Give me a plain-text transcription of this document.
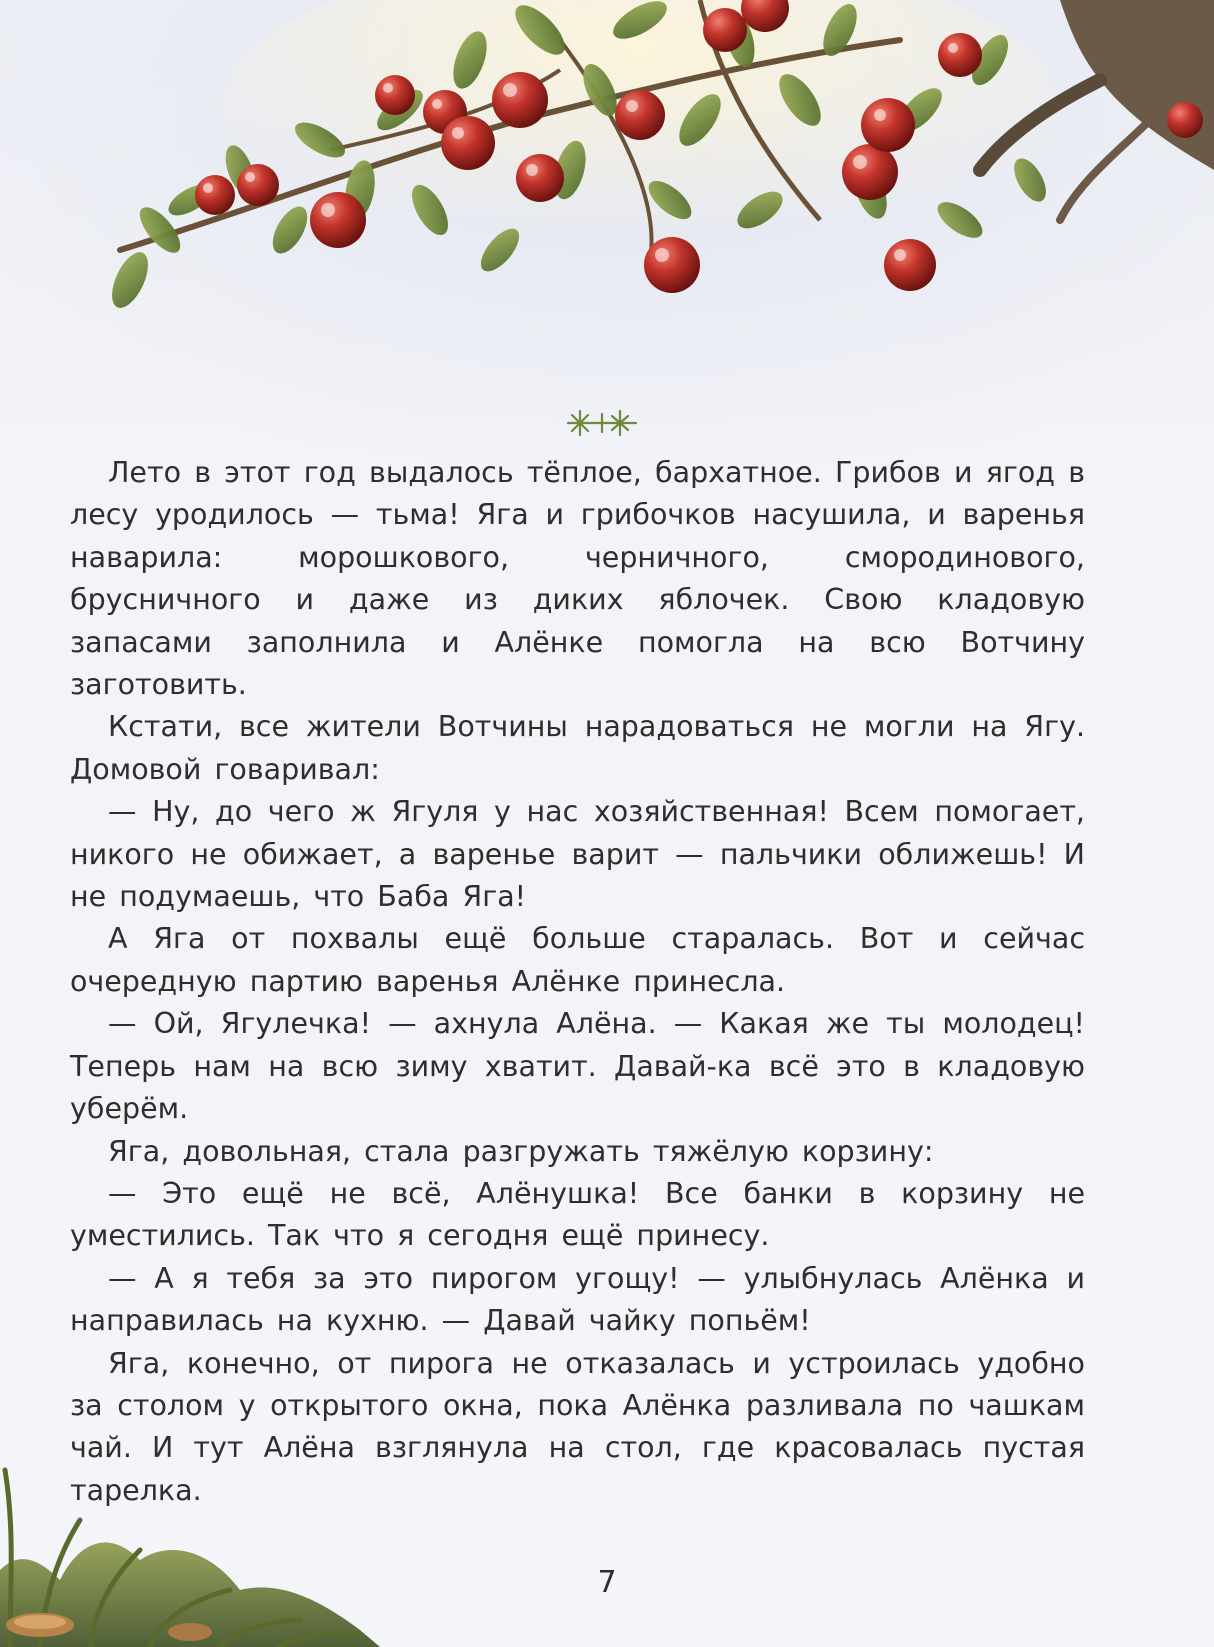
Лето в этот год выдалось тёплое, бархатное. Грибов и ягод в лесу уродилось — тьма! Яга и грибочков насушила, и варенья наварила: морошкового, черничного, смородинового, брусничного и даже из диких яблочек. Свою кладовую запасами заполнила и Алёнке помогла на всю Вотчину заготовить.

Кстати, все жители Вотчины нарадоваться не могли на Ягу. Домовой говаривал:

— Ну, до чего ж Ягуля у нас хозяйственная! Всем помогает, никого не обижает, а варенье варит — пальчики оближешь! И не подумаешь, что Баба Яга!

А Яга от похвалы ещё больше старалась. Вот и сейчас очередную партию варенья Алёнке принесла.

— Ой, Ягулечка! — ахнула Алёна. — Какая же ты молодец! Теперь нам на всю зиму хватит. Давай-ка всё это в кладовую уберём.

Яга, довольная, стала разгружать тяжёлую корзину:

— Это ещё не всё, Алёнушка! Все банки в корзину не уместились. Так что я сегодня ещё принесу.

— А я тебя за это пирогом угощу! — улыбнулась Алёнка и направилась на кухню. — Давай чайку попьём!

Яга, конечно, от пирога не отказалась и устроилась удобно за столом у открытого окна, пока Алёнка разливала по чашкам чай. И тут Алёна взглянула на стол, где красовалась пустая тарелка.

7
